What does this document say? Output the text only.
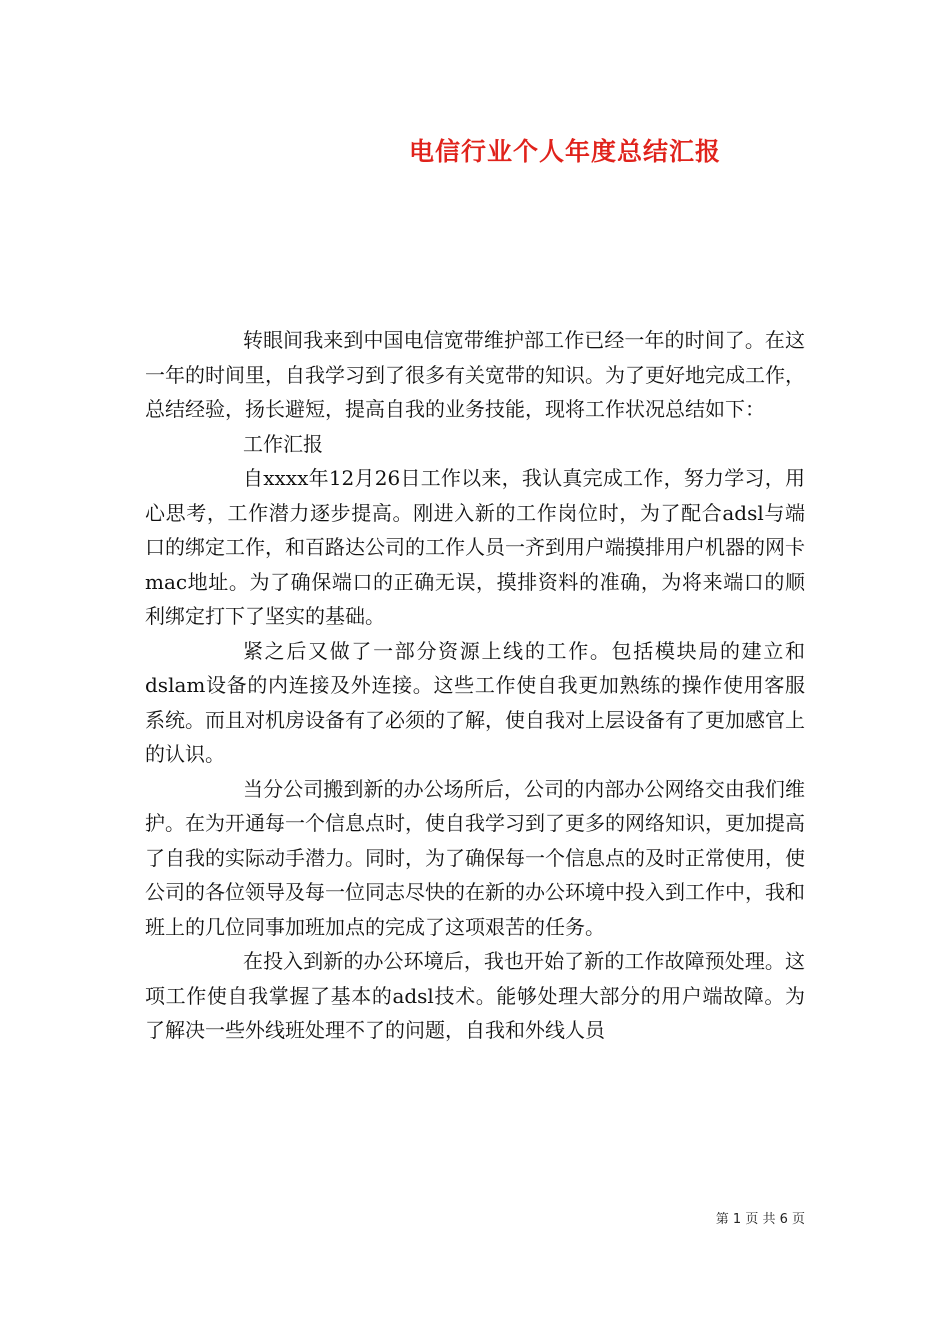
电信行业个人年度总结汇报

转眼间我来到中国电信宽带维护部工作已经一年的时间了。在这一年的时间里，自我学习到了很多有关宽带的知识。为了更好地完成工作，总结经验，扬长避短，提高自我的业务技能，现将工作状况总结如下：

工作汇报

自xxxx年12月26日工作以来，我认真完成工作，努力学习，用心思考，工作潜力逐步提高。刚进入新的工作岗位时，为了配合adsl与端口的绑定工作，和百路达公司的工作人员一齐到用户端摸排用户机器的网卡mac地址。为了确保端口的正确无误，摸排资料的准确，为将来端口的顺利绑定打下了坚实的基础。

紧之后又做了一部分资源上线的工作。包括模块局的建立和dslam设备的内连接及外连接。这些工作使自我更加熟练的操作使用客服系统。而且对机房设备有了必须的了解，使自我对上层设备有了更加感官上的认识。

当分公司搬到新的办公场所后，公司的内部办公网络交由我们维护。在为开通每一个信息点时，使自我学习到了更多的网络知识，更加提高了自我的实际动手潜力。同时，为了确保每一个信息点的及时正常使用，使公司的各位领导及每一位同志尽快的在新的办公环境中投入到工作中，我和班上的几位同事加班加点的完成了这项艰苦的任务。

在投入到新的办公环境后，我也开始了新的工作故障预处理。这项工作使自我掌握了基本的adsl技术。能够处理大部分的用户端故障。为了解决一些外线班处理不了的问题，自我和外线人员

第 1 页 共 6 页
